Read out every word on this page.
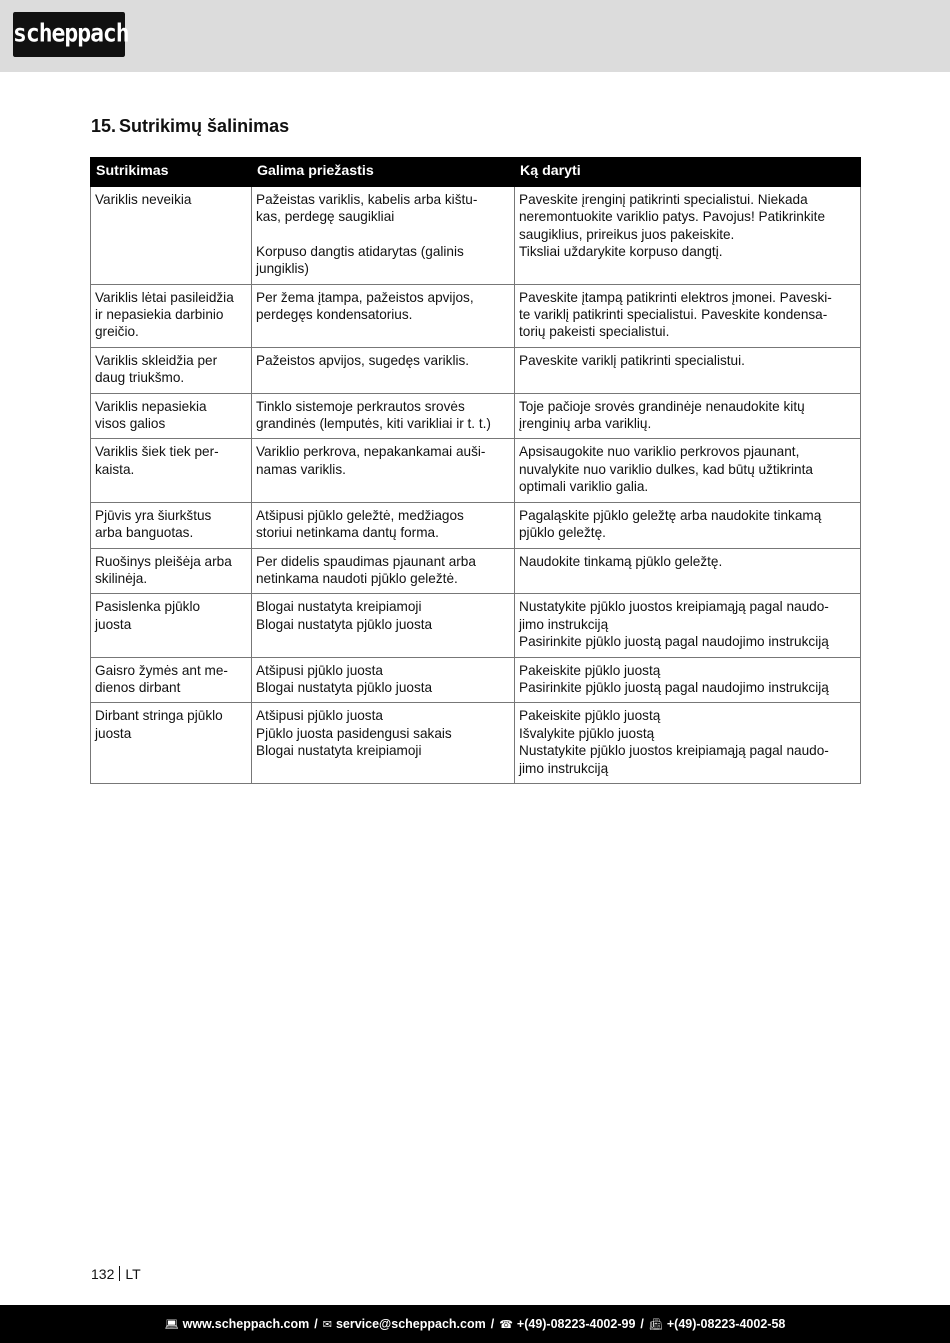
scheppach
15. Sutrikimų šalinimas
Sutrikimas	Galima priežastis	Ką daryti

Variklis neveikia	Pažeistas variklis, kabelis arba kištu-
kas, perdegę saugikliai
Korpuso dangtis atidarytas (galinis
jungiklis)	Paveskite įrenginį patikrinti specialistui. Niekada
neremontuokite variklio patys. Pavojus! Patikrinkite
saugiklius, prireikus juos pakeiskite.
Tiksliai uždarykite korpuso dangtį.

Variklis lėtai pasileidžia
ir nepasiekia darbinio
greičio.	Per žema įtampa, pažeistos apvijos,
perdegęs kondensatorius.	Paveskite įtampą patikrinti elektros įmonei. Paveski-
te variklį patikrinti specialistui. Paveskite kondensa-
torių pakeisti specialistui.

Variklis skleidžia per
daug triukšmo.	Pažeistos apvijos, sugedęs variklis.	Paveskite variklį patikrinti specialistui.

Variklis nepasiekia
visos galios	Tinklo sistemoje perkrautos srovės
grandinės (lemputės, kiti varikliai ir t. t.)	Toje pačioje srovės grandinėje nenaudokite kitų
įrenginių arba variklių.

Variklis šiek tiek per-
kaista.	Variklio perkrova, nepakankamai auši-
namas variklis.	Apsisaugokite nuo variklio perkrovos pjaunant,
nuvalykite nuo variklio dulkes, kad būtų užtikrinta
optimali variklio galia.

Pjūvis yra šiurkštus
arba banguotas.	Atšipusi pjūklo geležtė, medžiagos
storiui netinkama dantų forma.	Pagaląskite pjūklo geležtę arba naudokite tinkamą
pjūklo geležtę.

Ruošinys pleišėja arba
skilinėja.	Per didelis spaudimas pjaunant arba
netinkama naudoti pjūklo geležtė.	Naudokite tinkamą pjūklo geležtę.

Pasislenka pjūklo
juosta	Blogai nustatyta kreipiamoji
Blogai nustatyta pjūklo juosta	Nustatykite pjūklo juostos kreipiamąją pagal naudo-
jimo instrukciją
Pasirinkite pjūklo juostą pagal naudojimo instrukciją

Gaisro žymės ant me-
dienos dirbant	Atšipusi pjūklo juosta
Blogai nustatyta pjūklo juosta	Pakeiskite pjūklo juostą
Pasirinkite pjūklo juostą pagal naudojimo instrukciją

Dirbant stringa pjūklo
juosta	Atšipusi pjūklo juosta
Pjūklo juosta pasidengusi sakais
Blogai nustatyta kreipiamoji	Pakeiskite pjūklo juostą
Išvalykite pjūklo juostą
Nustatykite pjūklo juostos kreipiamąją pagal naudo-
jimo instrukciją
132 LT
💻︎ www.scheppach.com / ✉︎ service@scheppach.com / ☎︎ +(49)-08223-4002-99 / 📠︎ +(49)-08223-4002-58
